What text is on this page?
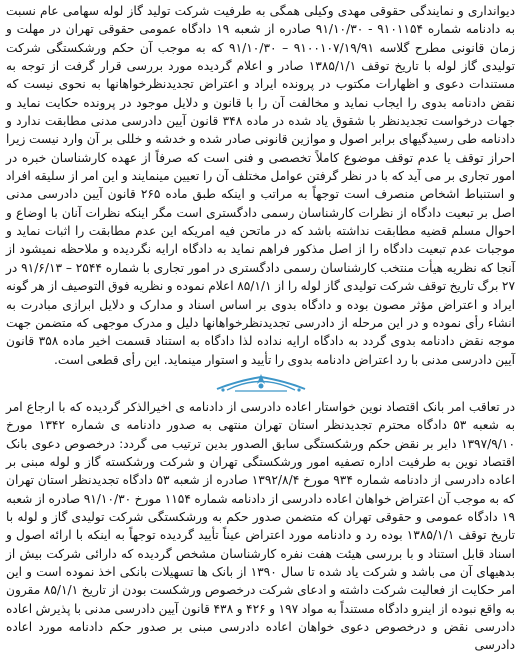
دیوانداری و نمایندگی حقوقی مهدی وکیلی همگی به طرفیت شرکت تولید گاز لوله سهامی عام نسبت به دادنامه شماره ۹۱۰۱۱۵۴ - ۹۱/۱۰/۳۰ صادره از شعبه ۱۹ دادگاه عمومی حقوقی تهران در مهلت و زمان قانونی مطرح گلاسه ۹۱۰۰۱۰۷/۱۹/۹۱ – ۹۱/۱۰/۳۰ که به موجب آن حکم ورشکستگی شرکت تولیدی گاز لوله با تاریخ توقف ۱۳۸۵/۱/۱ صادر و اعلام گردیده مورد بررسی قرار گرفت از توجه به مستندات دعوی و اظهارات مکتوب در پرونده ایراد و اعتراض تجدیدنظرخواهانها به نحوی نیست که نقض دادنامه بدوی را ایجاب نماید و مخالفت آن را با قانون و دلایل موجود در پرونده حکایت نماید و جهات درخواست تجدیدنظر با شقوق یاد شده در ماده ۳۴۸ قانون آیین دادرسی مدنی مطابقت ندارد و دادنامه طی رسیدگیهای برابر اصول و موازین قانونی صادر شده و خدشه و خللی بر آن وارد نیست زیرا احراز توقف یا عدم توقف موضوع کاملاً تخصصی و فنی است که صرفاً از عهده کارشناسان خبره در امور تجاری بر می آید که با در نظر گرفتن عوامل مختلف آن را تعیین مینمایند و این امر از سلیقه افراد و استنباط اشخاص منصرف است توجهاً به مراتب و اینکه طبق ماده ۲۶۵ قانون آیین دادرسی مدنی اصل بر تبعیت دادگاه از نظرات کارشناسان رسمی دادگستری است مگر اینکه نظرات آنان با اوضاع و احوال مسلم قضیه مطابقت نداشته باشد که در ماتحن فیه امریکه این عدم مطابقت را اثبات نماید و موجبات عدم تبعیت دادگاه را از اصل مذکور فراهم نماید به دادگاه ارایه نگردیده و ملاحظه نمیشود از آنجا که نظریه هیأت منتخب کارشناسان رسمی دادگستری در امور تجاری با شماره ۲۵۴۴ – ۹۱/۶/۱۳ در ۲۷ برگ تاریخ توقف شرکت تولیدی گاز لوله را از ۸۵/۱/۱ اعلام نموده و نظریه فوق التوصیف از هر گونه ایراد و اعتراض مؤثر مصون بوده و دادگاه بدوی بر اساس اسناد و مدارک و دلایل ابرازی مبادرت به انشاء رأی نموده و در این مرحله از دادرسی تجدیدنظرخواهانها دلیل و مدرک موجهی که متضمن جهت موجه نقض دادنامه بدوی گردد به دادگاه ارایه نداده لذا دادگاه به استناد قسمت اخیر ماده ۳۵۸ قانون آیین دادرسی مدنی با رد اعتراض دادنامه بدوی را تأیید و استوار مینماید. این رأی قطعی است.

در تعاقب امر بانک اقتصاد نوین خواستار اعاده دادرسی از دادنامه ی اخیرالذکر گردیده که با ارجاع امر به شعبه ۵۳ دادگاه محترم تجدیدنظر استان تهران منتهی به صدور دادنامه ی شماره ۱۳۴۲ مورخ ۱۳۹۷/۹/۱۰ دایر بر نقض حکم ورشکستگی سابق الصدور بدین ترتیب می گردد: درخصوص دعوی بانک اقتصاد نوین به طرفیت اداره تصفیه امور ورشکستگی تهران و شرکت ورشکسته گاز و لوله مبنی بر اعاده دادرسی از دادنامه شماره ۹۳۴ مورخ ۱۳۹۲/۸/۴ صادره از شعبه ۵۳ دادگاه تجدیدنظر استان تهران که به موجب آن اعتراض خواهان اعاده دادرسی از دادنامه شماره ۱۱۵۴ مورخ ۹۱/۱۰/۳۰ صادره از شعبه ۱۹ دادگاه عمومی و حقوقی تهران که متضمن صدور حکم به ورشکستگی شرکت تولیدی گاز و لوله با تاریخ توقف ۱۳۸۵/۱/۱ بوده رد و دادنامه مورد اعتراض عیناً تأیید گردیده توجهاً به اینکه با ارائه اصول و اسناد قابل استناد و با بررسی هیئت هفت نفره کارشناسان مشخص گردیده که دارائی شرکت بیش از بدهیهای آن می باشد و شرکت یاد شده تا سال ۱۳۹۰ از بانک ها تسهیلات بانکی اخذ نموده است و این امر حکایت از فعالیت شرکت داشته و ادعای شرکت درخصوص ورشکست بودن از تاریخ ۸۵/۱/۱ مقرون به واقع نبوده از اینرو دادگاه مستنداً به مواد ۱۹۷ و ۴۲۶ و ۴۳۸ قانون آیین دادرسی مدنی با پذیرش اعاده دادرسی نقض و درخصوص دعوی خواهان اعاده دادرسی مبنی بر صدور حکم دادنامه مورد اعاده دادرسی
